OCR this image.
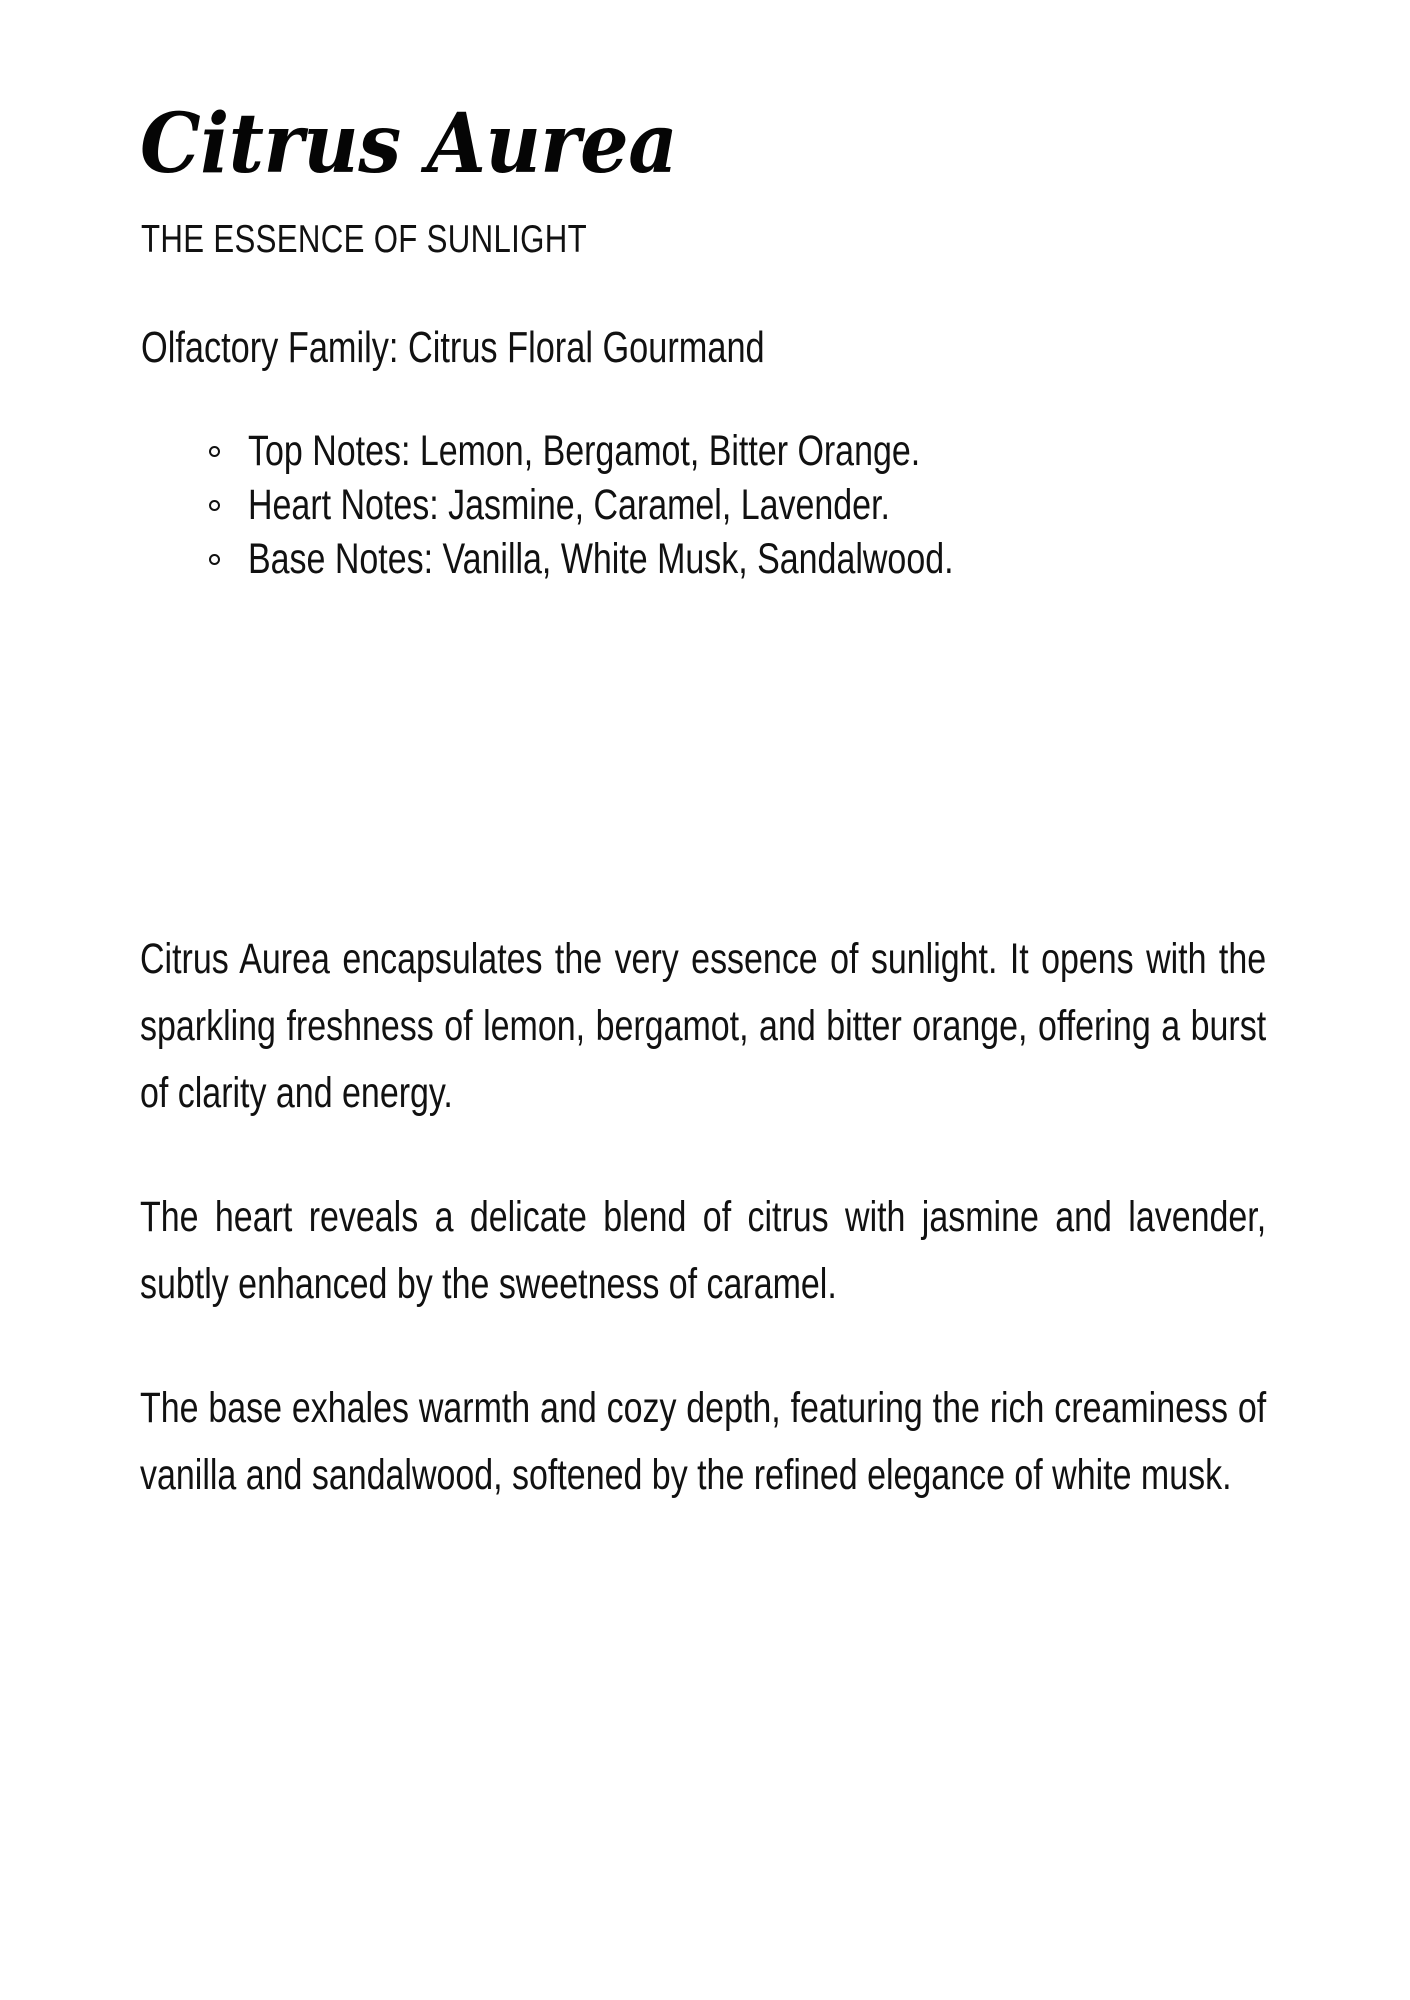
Citrus Aurea
THE ESSENCE OF SUNLIGHT
Olfactory Family: Citrus Floral Gourmand
Top Notes: Lemon, Bergamot, Bitter Orange.
Heart Notes: Jasmine, Caramel, Lavender.
Base Notes: Vanilla, White Musk, Sandalwood.

Citrus Aurea encapsulates the very essence of sunlight. It opens with the sparkling freshness of lemon, bergamot, and bitter orange, offering a burst of clarity and energy.

The heart reveals a delicate blend of citrus with jasmine and lavender, subtly enhanced by the sweetness of caramel.

The base exhales warmth and cozy depth, featuring the rich creaminess of vanilla and sandalwood, softened by the refined elegance of white musk.
